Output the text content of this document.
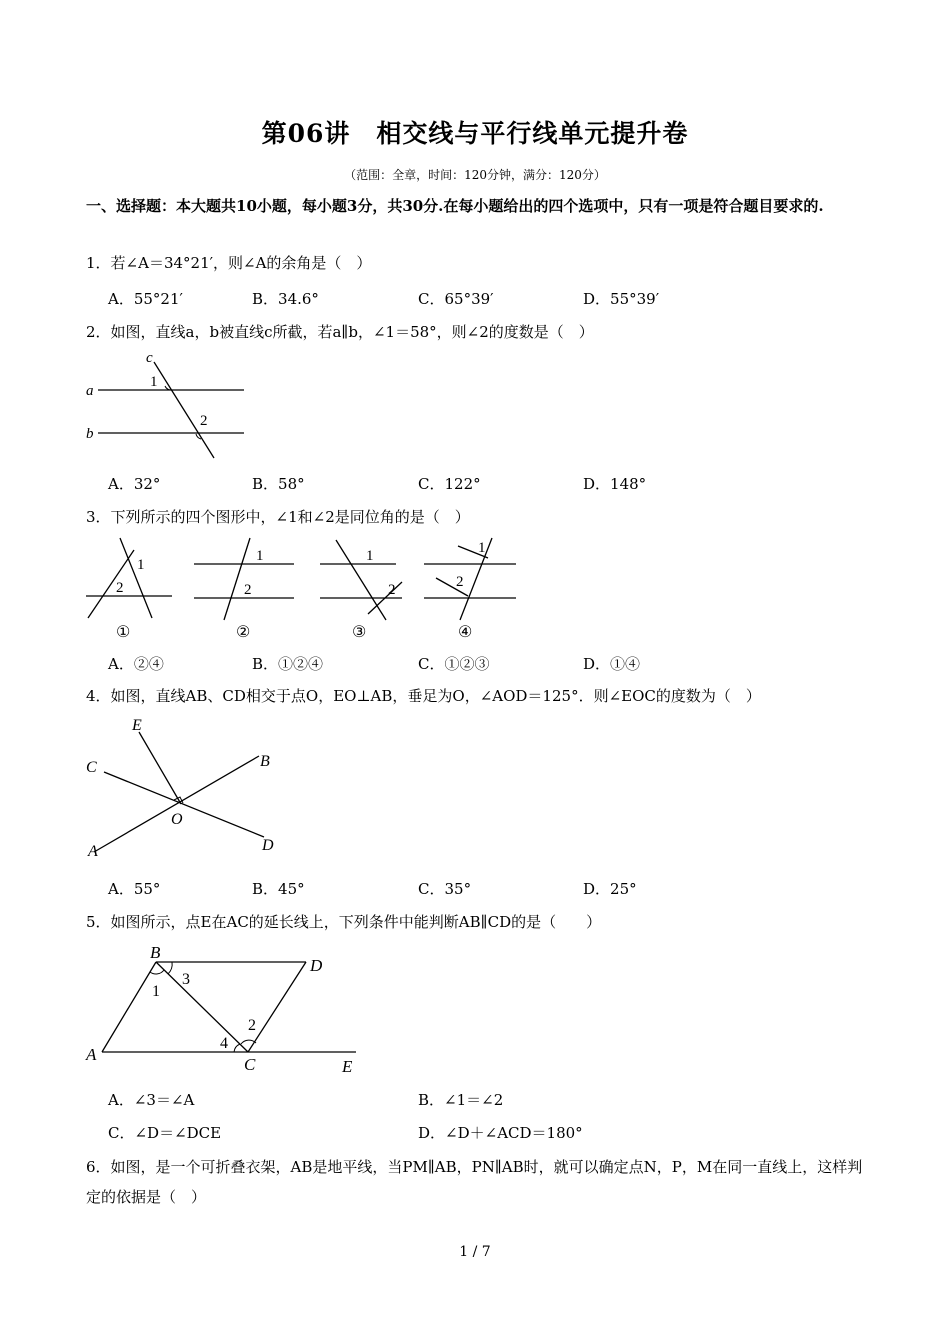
第06讲　相交线与平行线单元提升卷
（范围：全章，时间：120分钟，满分：120分）
一、选择题：本大题共10小题，每小题3分，共30分.在每小题给出的四个选项中，只有一项是符合题目要求的.
1．若∠A＝34°21′，则∠A的余角是（　）
A．55°21′	B．34.6°	C．65°39′	D．55°39′
2．如图，直线a，b被直线c所截，若a∥b，∠1＝58°，则∠2的度数是（　）
c
a
b
1
2
A．32°	B．58°	C．122°	D．148°
3．下列所示的四个图形中，∠1和∠2是同位角的是（　）
1
2
①
1
2
②
1
2
③
1
2
④
A．②④	B．①②④	C．①②③	D．①④
4．如图，直线AB、CD相交于点O，EO⊥AB，垂足为O，∠AOD＝125°．则∠EOC的度数为（　）
E
C	B
O
A	D
A．55°	B．45°	C．35°	D．25°
5．如图所示，点E在AC的延长线上，下列条件中能判断AB∥CD的是（　　）
B
D
3
1
2
4
A
C	E
A．∠3＝∠A	B．∠1＝∠2
C．∠D＝∠DCE	D．∠D＋∠ACD＝180°
6．如图，是一个可折叠衣架，AB是地平线，当PM∥AB，PN∥AB时，就可以确定点N，P，M在同一直线上，这样判定的依据是（　）
1 / 7
